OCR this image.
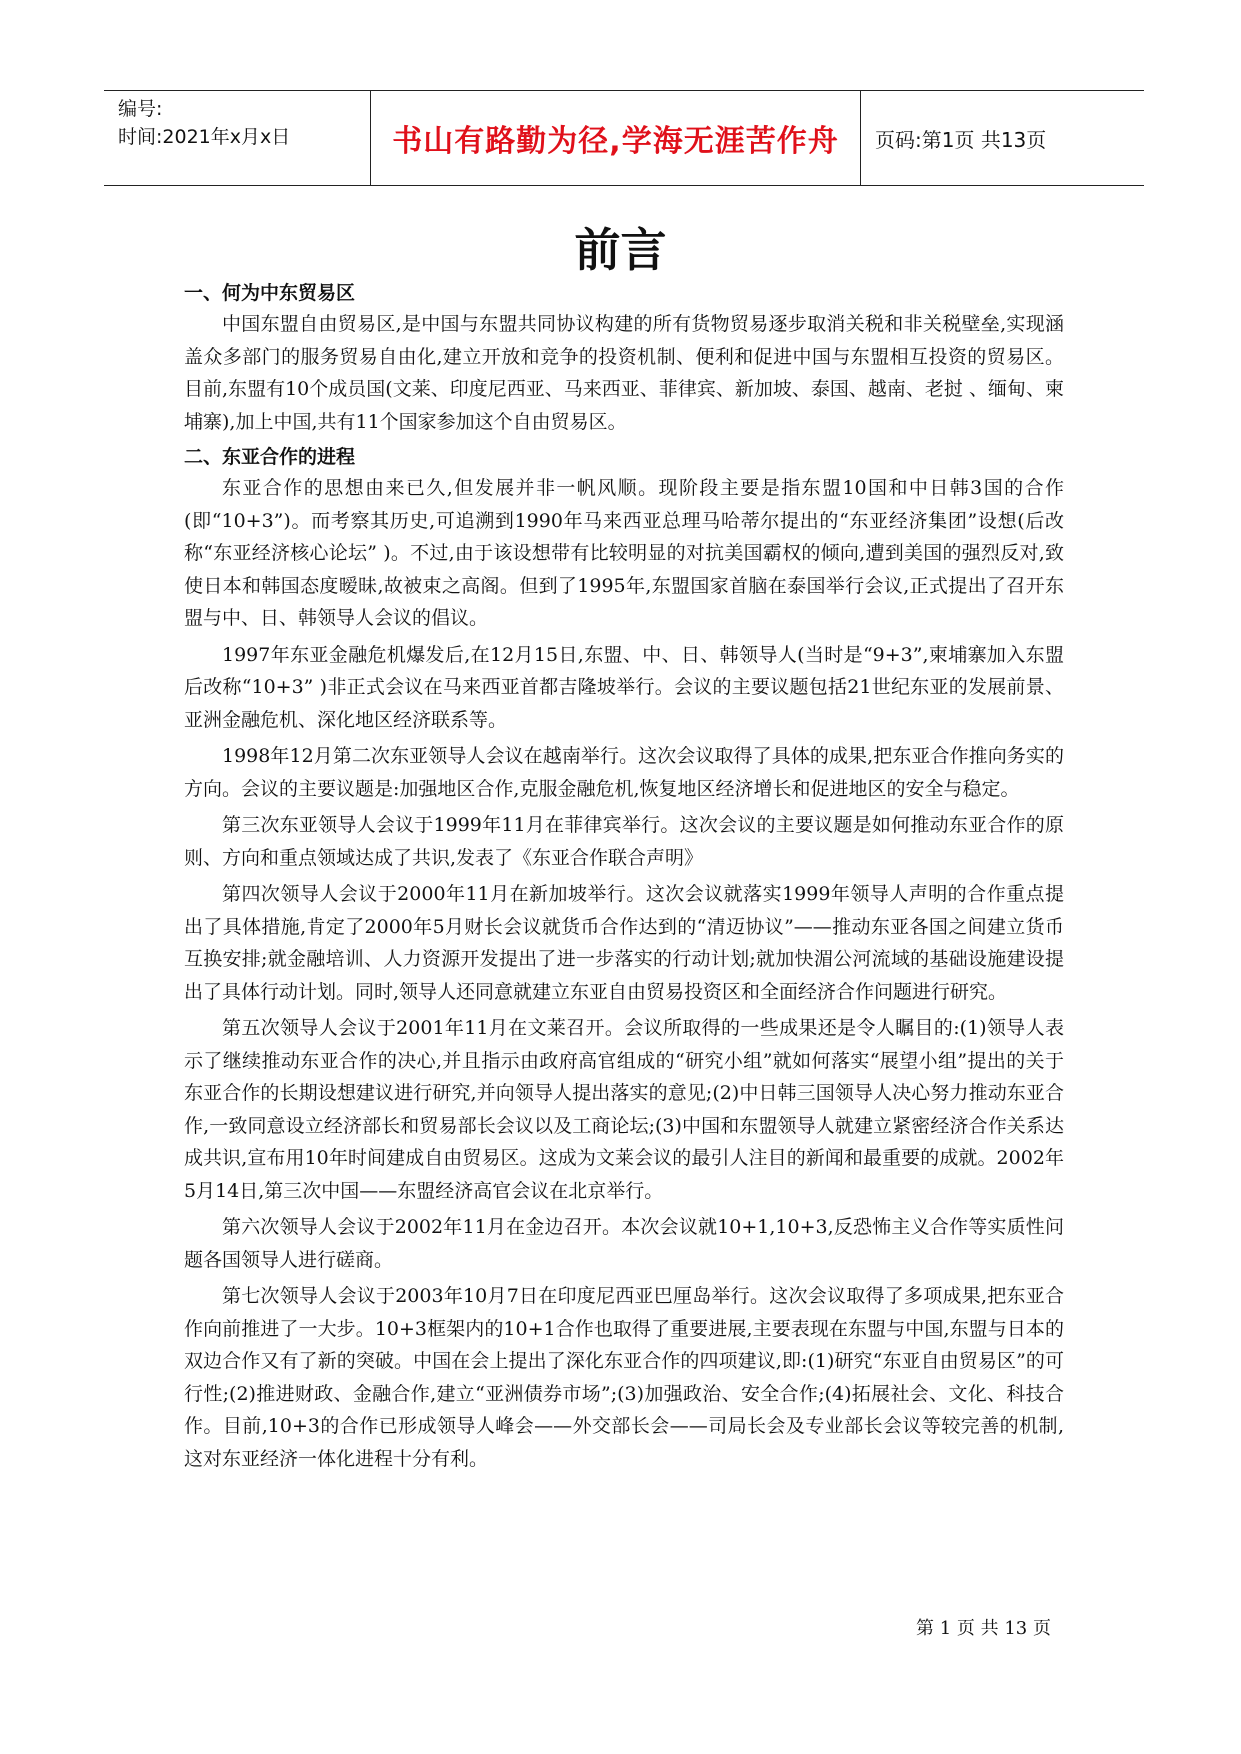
编号:
时间:2021年x月x日	书山有路勤为径,学海无涯苦作舟 页码:第1页 共13页
前言
一、何为中东贸易区

中国东盟自由贸易区,是中国与东盟共同协议构建的所有货物贸易逐步取消关税和非关税壁垒,实现涵盖众多部门的服务贸易自由化,建立开放和竞争的投资机制、便利和促进中国与东盟相互投资的贸易区。目前,东盟有10个成员国(文莱、印度尼西亚、马来西亚、菲律宾、新加坡、泰国、越南、老挝 、缅甸、柬埔寨),加上中国,共有11个国家参加这个自由贸易区。

二、东亚合作的进程

东亚合作的思想由来已久,但发展并非一帆风顺。现阶段主要是指东盟10国和中日韩3国的合作(即“10+3”)。而考察其历史,可追溯到1990年马来西亚总理马哈蒂尔提出的“东亚经济集团”设想(后改称“东亚经济核心论坛” )。不过,由于该设想带有比较明显的对抗美国霸权的倾向,遭到美国的强烈反对,致使日本和韩国态度暧昧,故被束之高阁。但到了1995年,东盟国家首脑在泰国举行会议,正式提出了召开东盟与中、日、韩领导人会议的倡议。

1997年东亚金融危机爆发后,在12月15日,东盟、中、日、韩领导人(当时是“9+3”,柬埔寨加入东盟后改称“10+3” )非正式会议在马来西亚首都吉隆坡举行。会议的主要议题包括21世纪东亚的发展前景、亚洲金融危机、深化地区经济联系等。

1998年12月第二次东亚领导人会议在越南举行。这次会议取得了具体的成果,把东亚合作推向务实的方向。会议的主要议题是:加强地区合作,克服金融危机,恢复地区经济增长和促进地区的安全与稳定。

第三次东亚领导人会议于1999年11月在菲律宾举行。这次会议的主要议题是如何推动东亚合作的原则、方向和重点领域达成了共识,发表了《东亚合作联合声明》

第四次领导人会议于2000年11月在新加坡举行。这次会议就落实1999年领导人声明的合作重点提出了具体措施,肯定了2000年5月财长会议就货币合作达到的“清迈协议”——推动东亚各国之间建立货币互换安排;就金融培训、人力资源开发提出了进一步落实的行动计划;就加快湄公河流域的基础设施建设提出了具体行动计划。同时,领导人还同意就建立东亚自由贸易投资区和全面经济合作问题进行研究。

第五次领导人会议于2001年11月在文莱召开。会议所取得的一些成果还是令人瞩目的:(1)领导人表示了继续推动东亚合作的决心,并且指示由政府高官组成的“研究小组”就如何落实“展望小组”提出的关于东亚合作的长期设想建议进行研究,并向领导人提出落实的意见;(2)中日韩三国领导人决心努力推动东亚合作,一致同意设立经济部长和贸易部长会议以及工商论坛;(3)中国和东盟领导人就建立紧密经济合作关系达成共识,宣布用10年时间建成自由贸易区。这成为文莱会议的最引人注目的新闻和最重要的成就。2002年5月14日,第三次中国——东盟经济高官会议在北京举行。

第六次领导人会议于2002年11月在金边召开。本次会议就10+1,10+3,反恐怖主义合作等实质性问题各国领导人进行磋商。

第七次领导人会议于2003年10月7日在印度尼西亚巴厘岛举行。这次会议取得了多项成果,把东亚合作向前推进了一大步。10+3框架内的10+1合作也取得了重要进展,主要表现在东盟与中国,东盟与日本的双边合作又有了新的突破。中国在会上提出了深化东亚合作的四项建议,即:(1)研究“东亚自由贸易区”的可行性;(2)推进财政、金融合作,建立“亚洲债券市场”;(3)加强政治、安全合作;(4)拓展社会、文化、科技合作。目前,10+3的合作已形成领导人峰会——外交部长会——司局长会及专业部长会议等较完善的机制,这对东亚经济一体化进程十分有利。

第 1 页 共 13 页
